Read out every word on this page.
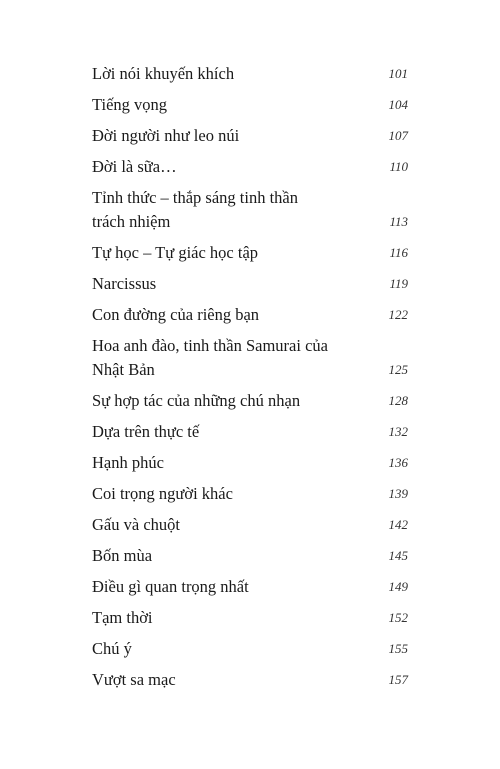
Lời nói khuyến khích	101
Tiếng vọng	104
Đời người như leo núi	107
Đời là sữa…	110
Tỉnh thức – thắp sáng tinh thần trách nhiệm	113
Tự học – Tự giác học tập	116
Narcissus	119
Con đường của riêng bạn	122
Hoa anh đào, tinh thần Samurai của Nhật Bản	125
Sự hợp tác của những chú nhạn	128
Dựa trên thực tế	132
Hạnh phúc	136
Coi trọng người khác	139
Gấu và chuột	142
Bốn mùa	145
Điều gì quan trọng nhất	149
Tạm thời	152
Chú ý	155
Vượt sa mạc	157
